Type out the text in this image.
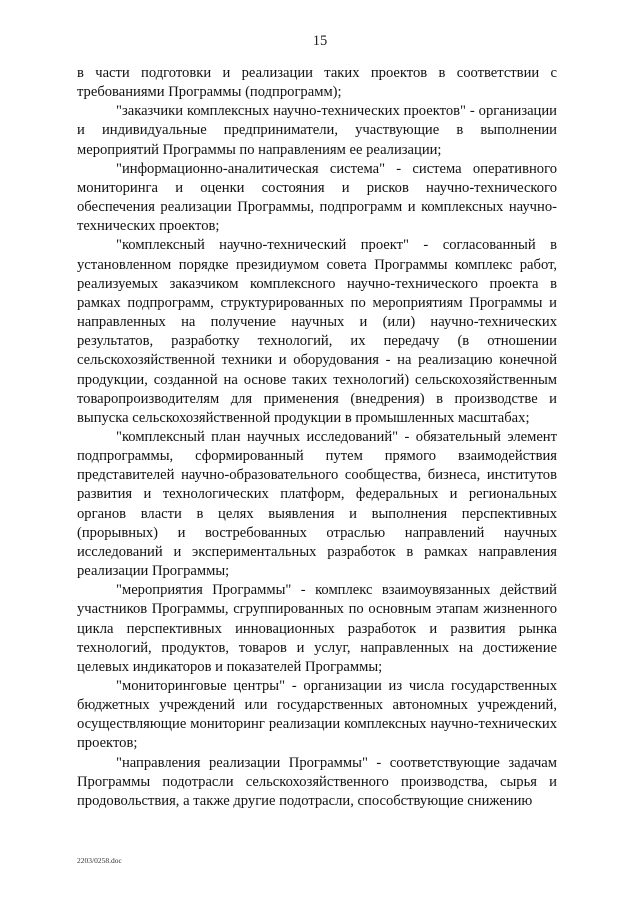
15

в части подготовки и реализации таких проектов в соответствии с требованиями Программы (подпрограмм);

"заказчики комплексных научно-технических проектов" - организации и индивидуальные предприниматели, участвующие в выполнении мероприятий Программы по направлениям ее реализации;

"информационно-аналитическая система" - система оперативного мониторинга и оценки состояния и рисков научно-технического обеспечения реализации Программы, подпрограмм и комплексных научно-технических проектов;

"комплексный научно-технический проект" - согласованный в установленном порядке президиумом совета Программы комплекс работ, реализуемых заказчиком комплексного научно-технического проекта в рамках подпрограмм, структурированных по мероприятиям Программы и направленных на получение научных и (или) научно-технических результатов, разработку технологий, их передачу (в отношении сельскохозяйственной техники и оборудования - на реализацию конечной продукции, созданной на основе таких технологий) сельскохозяйственным товаропроизводителям для применения (внедрения) в производстве и выпуска сельскохозяйственной продукции в промышленных масштабах;

"комплексный план научных исследований" - обязательный элемент подпрограммы, сформированный путем прямого взаимодействия представителей научно-образовательного сообщества, бизнеса, институтов развития и технологических платформ, федеральных и региональных органов власти в целях выявления и выполнения перспективных (прорывных) и востребованных отраслью направлений научных исследований и экспериментальных разработок в рамках направления реализации Программы;

"мероприятия Программы" - комплекс взаимоувязанных действий участников Программы, сгруппированных по основным этапам жизненного цикла перспективных инновационных разработок и развития рынка технологий, продуктов, товаров и услуг, направленных на достижение целевых индикаторов и показателей Программы;

"мониторинговые центры" - организации из числа государственных бюджетных учреждений или государственных автономных учреждений, осуществляющие мониторинг реализации комплексных научно-технических проектов;

"направления реализации Программы" - соответствующие задачам Программы подотрасли сельскохозяйственного производства, сырья и продовольствия, а также другие подотрасли, способствующие снижению

2203/0258.doc
